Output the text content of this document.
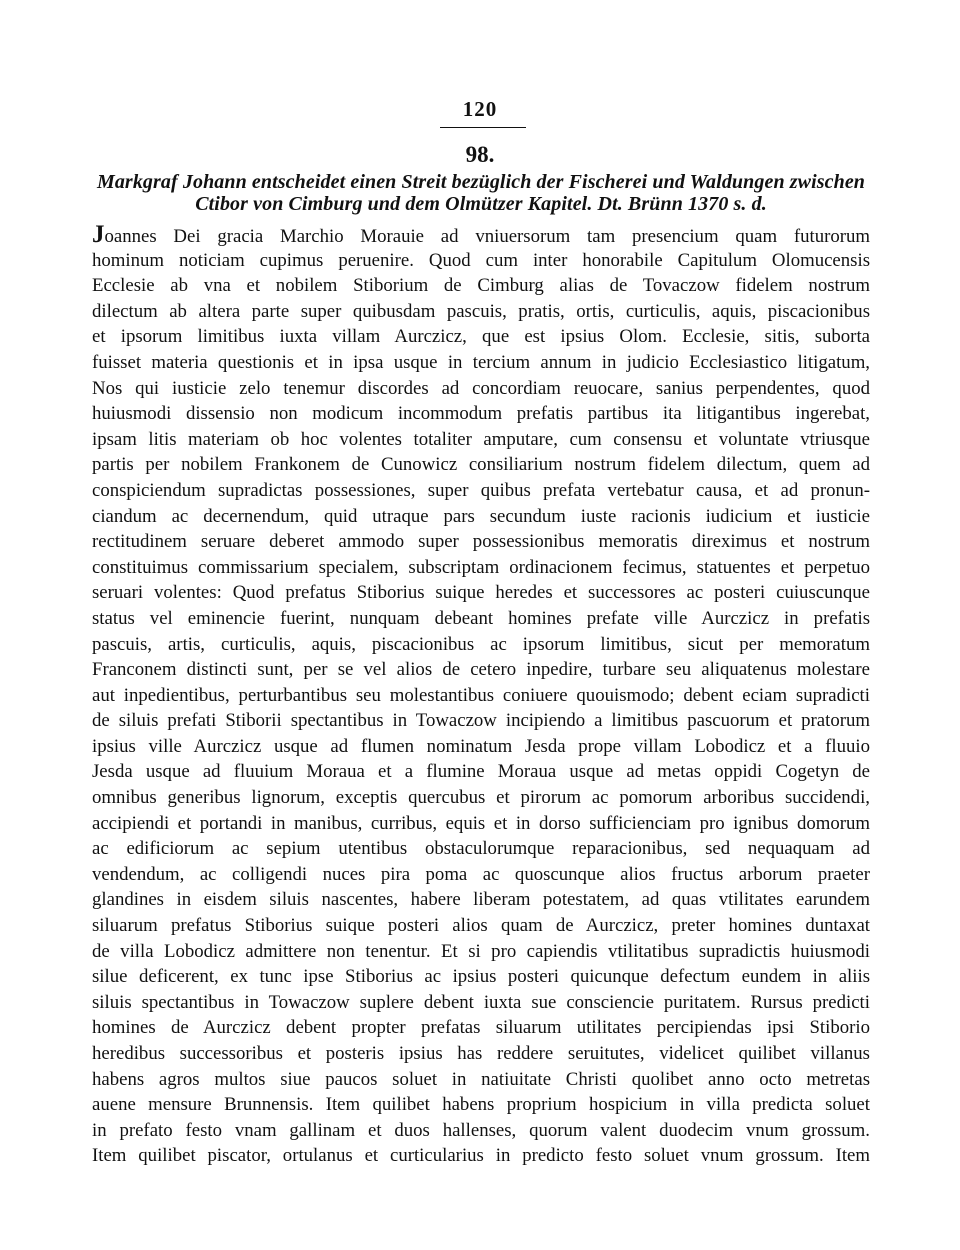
120
98.
Markgraf Johann entscheidet einen Streit bezüglich der Fischerei und Waldungen zwischen
Ctibor von Cimburg und dem Olmützer Kapitel. Dt. Brünn 1370 s. d.
Joannes Dei gracia Marchio Morauie ad vniuersorum tam presencium quam futurorum
hominum noticiam cupimus peruenire. Quod cum inter honorabile Capitulum Olomucensis
Ecclesie ab vna et nobilem Stiborium de Cimburg alias de Tovaczow fidelem nostrum
dilectum ab altera parte super quibusdam pascuis, pratis, ortis, curticulis, aquis, piscacionibus
et ipsorum limitibus iuxta villam Aurczicz, que est ipsius Olom. Ecclesie, sitis, suborta
fuisset materia questionis et in ipsa usque in tercium annum in judicio Ecclesiastico litigatum,
Nos qui iusticie zelo tenemur discordes ad concordiam reuocare, sanius perpendentes, quod
huiusmodi dissensio non modicum incommodum prefatis partibus ita litigantibus ingerebat,
ipsam litis materiam ob hoc volentes totaliter amputare, cum consensu et voluntate vtriusque
partis per nobilem Frankonem de Cunowicz consiliarium nostrum fidelem dilectum, quem ad
conspiciendum supradictas possessiones, super quibus prefata vertebatur causa, et ad pronun-
ciandum ac decernendum, quid utraque pars secundum iuste racionis iudicium et iusticie
rectitudinem seruare deberet ammodo super possessionibus memoratis direximus et nostrum
constituimus commissarium specialem, subscriptam ordinacionem fecimus, statuentes et perpetuo
seruari volentes: Quod prefatus Stiborius suique heredes et successores ac posteri cuiuscunque
status vel eminencie fuerint, nunquam debeant homines prefate ville Aurczicz in prefatis
pascuis, artis, curticulis, aquis, piscacionibus ac ipsorum limitibus, sicut per memoratum
Franconem distincti sunt, per se vel alios de cetero inpedire, turbare seu aliquatenus molestare
aut inpedientibus, perturbantibus seu molestantibus coniuere quouismodo; debent eciam supradicti
de siluis prefati Stiborii spectantibus in Towaczow incipiendo a limitibus pascuorum et pratorum
ipsius ville Aurczicz usque ad flumen nominatum Jesda prope villam Lobodicz et a fluuio
Jesda usque ad fluuium Moraua et a flumine Moraua usque ad metas oppidi Cogetyn de
omnibus generibus lignorum, exceptis quercubus et pirorum ac pomorum arboribus succidendi,
accipiendi et portandi in manibus, curribus, equis et in dorso sufficienciam pro ignibus domorum
ac edificiorum ac sepium utentibus obstaculorumque reparacionibus, sed nequaquam ad
vendendum, ac colligendi nuces pira poma ac quoscunque alios fructus arborum praeter
glandines in eisdem siluis nascentes, habere liberam potestatem, ad quas vtilitates earundem
siluarum prefatus Stiborius suique posteri alios quam de Aurczicz, preter homines duntaxat
de villa Lobodicz admittere non tenentur. Et si pro capiendis vtilitatibus supradictis huiusmodi
silue deficerent, ex tunc ipse Stiborius ac ipsius posteri quicunque defectum eundem in aliis
siluis spectantibus in Towaczow suplere debent iuxta sue consciencie puritatem. Rursus predicti
homines de Aurczicz debent propter prefatas siluarum utilitates percipiendas ipsi Stiborio
heredibus successoribus et posteris ipsius has reddere seruitutes, videlicet quilibet villanus
habens agros multos siue paucos soluet in natiuitate Christi quolibet anno octo metretas
auene mensure Brunnensis. Item quilibet habens proprium hospicium in villa predicta soluet
in prefato festo vnam gallinam et duos hallenses, quorum valent duodecim vnum grossum.
Item quilibet piscator, ortulanus et curticularius in predicto festo soluet vnum grossum. Item
